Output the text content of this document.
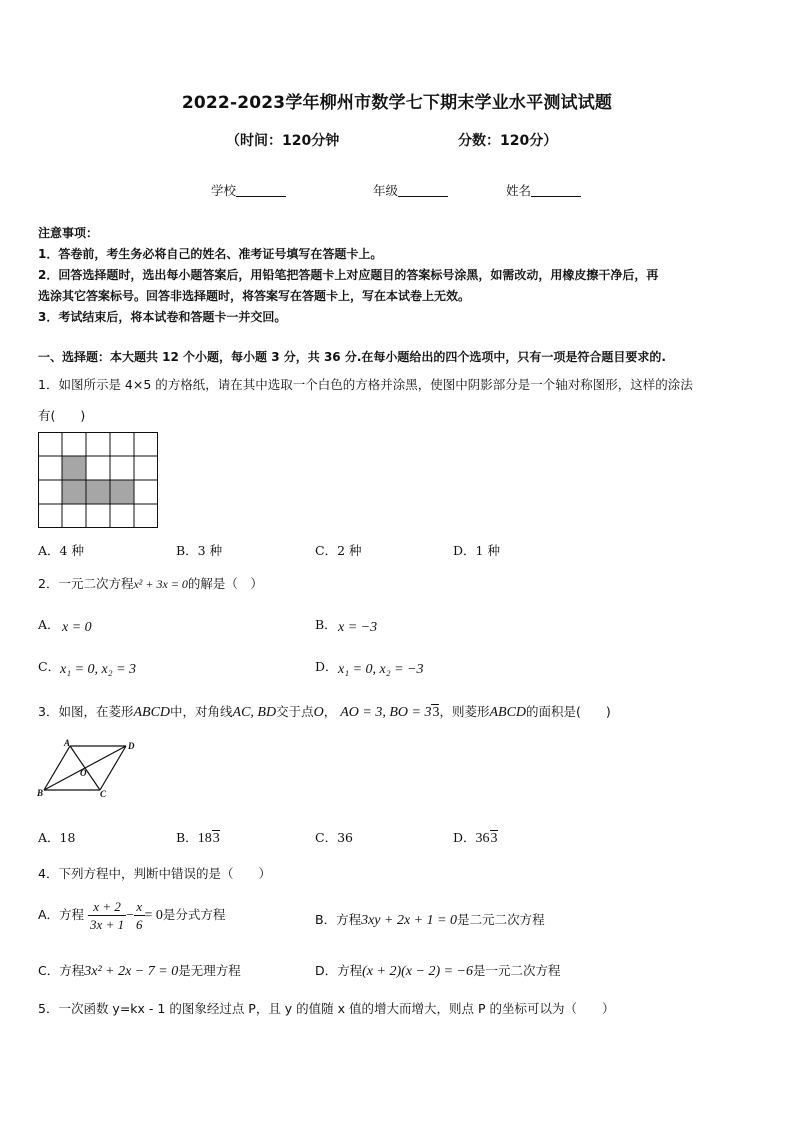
2022-2023学年柳州市数学七下期末学业水平测试试题
（时间：120分钟	分数：120分）
学校	年级	姓名
注意事项：
1．答卷前，考生务必将自己的姓名、准考证号填写在答题卡上。
2．回答选择题时，选出每小题答案后，用铅笔把答题卡上对应题目的答案标号涂黑，如需改动，用橡皮擦干净后，再
选涂其它答案标号。回答非选择题时，将答案写在答题卡上，写在本试卷上无效。
3．考试结束后，将本试卷和答题卡一并交回。
一、选择题：本大题共 12 个小题，每小题 3 分，共 36 分.在每小题给出的四个选项中，只有一项是符合题目要求的.
1．如图所示是 4×5 的方格纸，请在其中选取一个白色的方格并涂黑，使图中阴影部分是一个轴对称图形，这样的涂法
有(　　)
A．4 种	B．3 种	C．2 种	D．1 种
2．一元二次方程x² + 3x = 0的解是（　）
A． x = 0	B． x = −3
C． x₁ = 0, x₂ = 3	D． x₁ = 0, x₂ = −3
3．如图，在菱形ABCD中，对角线AC, BD交于点O， AO = 3, BO = 33，则菱形ABCD的面积是(　　)
A	D
O
B	C
A．18	B．183	C．36	D．363
4．下列方程中，判断中错误的是（　　）
A．方程 $\frac{x + 2}{3x + 1} - \frac{x}{6} = 0$是分式方程	B．方程3xy + 2x + 1 = 0是二元二次方程
C．方程3x² + 2x − 7 = 0是无理方程	D．方程(x + 2)(x − 2) = −6是一元二次方程
5．一次函数 y=kx - 1 的图象经过点 P，且 y 的值随 x 值的增大而增大，则点 P 的坐标可以为（　　）
